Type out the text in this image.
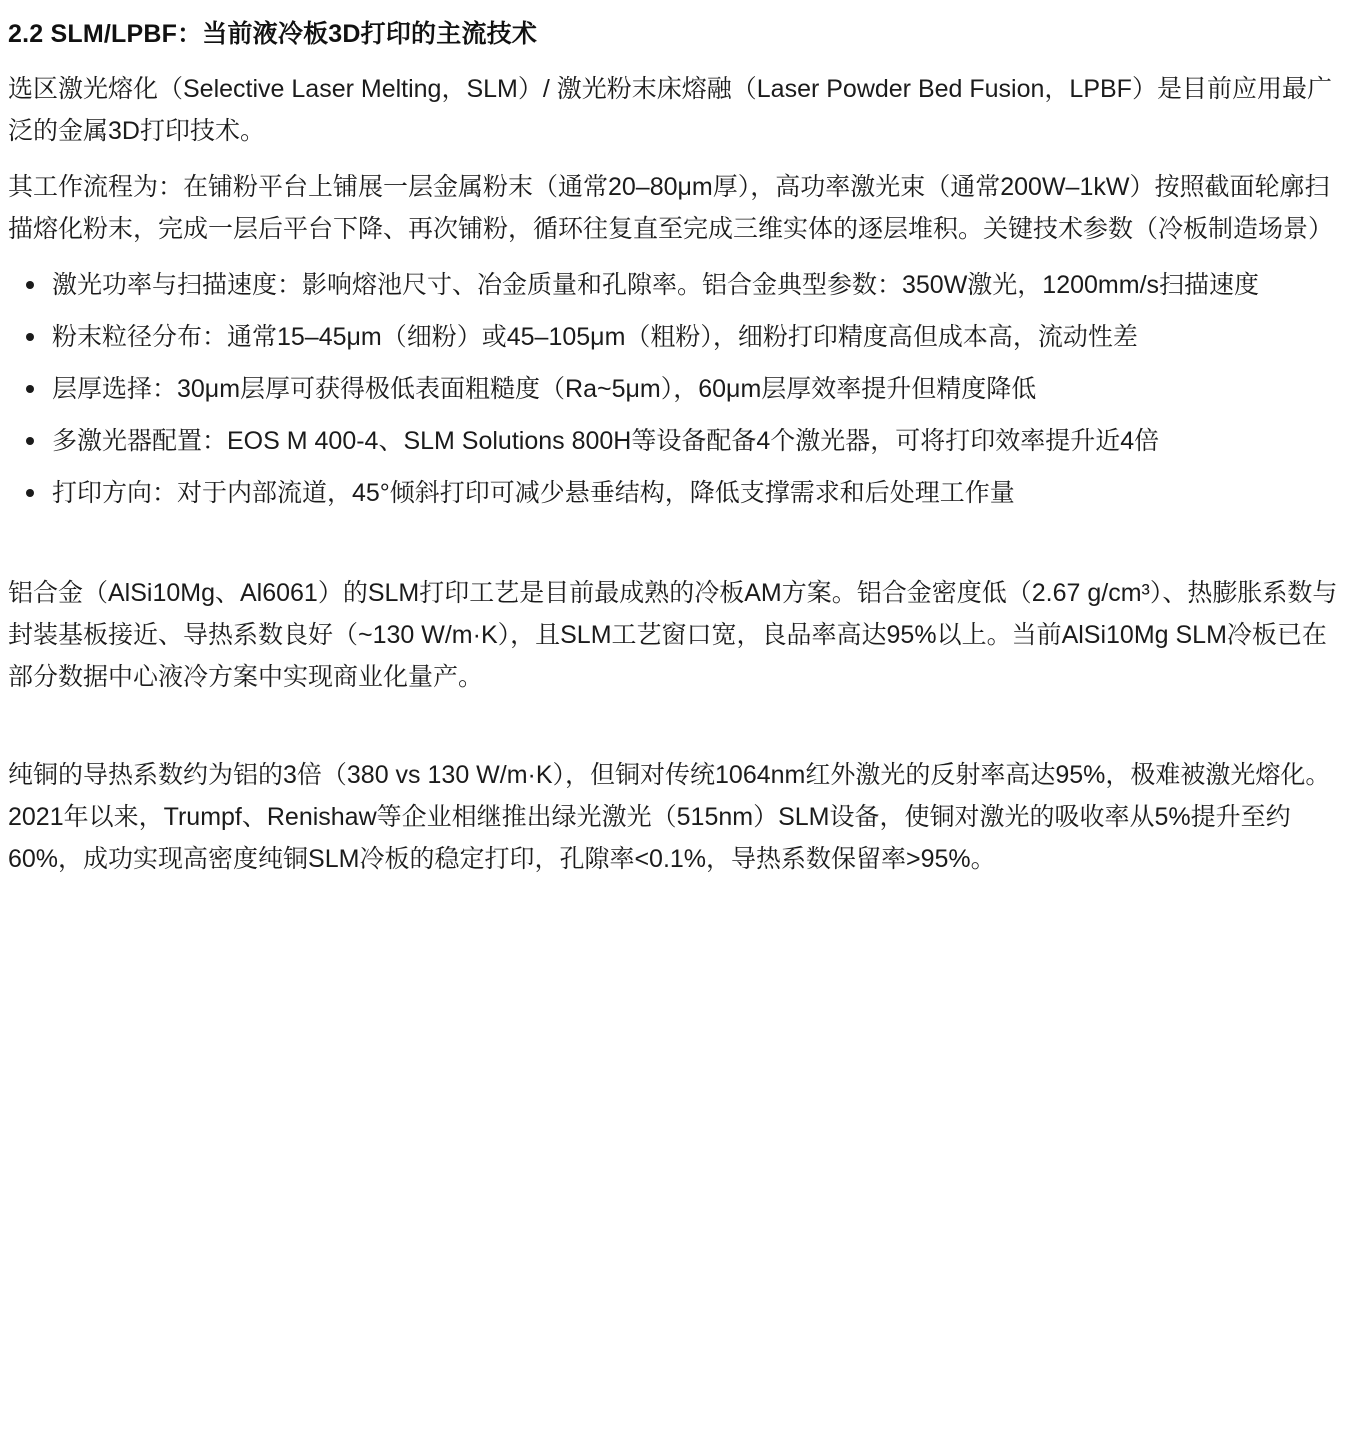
2.2 SLM/LPBF：当前液冷板3D打印的主流技术

选区激光熔化（Selective Laser Melting，SLM）/ 激光粉末床熔融（Laser Powder Bed Fusion，LPBF）是目前应用最广泛的金属3D打印技术。

其工作流程为：在铺粉平台上铺展一层金属粉末（通常20–80μm厚），高功率激光束（通常200W–1kW）按照截面轮廓扫描熔化粉末，完成一层后平台下降、再次铺粉，循环往复直至完成三维实体的逐层堆积。关键技术参数（冷板制造场景）

激光功率与扫描速度：影响熔池尺寸、冶金质量和孔隙率。铝合金典型参数：350W激光，1200mm/s扫描速度
粉末粒径分布：通常15–45μm（细粉）或45–105μm（粗粉），细粉打印精度高但成本高，流动性差
层厚选择：30μm层厚可获得极低表面粗糙度（Ra~5μm），60μm层厚效率提升但精度降低
多激光器配置：EOS M 400-4、SLM Solutions 800H等设备配备4个激光器，可将打印效率提升近4倍
打印方向：对于内部流道，45°倾斜打印可减少悬垂结构，降低支撑需求和后处理工作量

铝合金（AlSi10Mg、Al6061）的SLM打印工艺是目前最成熟的冷板AM方案。铝合金密度低（2.67 g/cm³）、热膨胀系数与封装基板接近、导热系数良好（~130 W/m·K），且SLM工艺窗口宽，良品率高达95%以上。当前AlSi10Mg SLM冷板已在部分数据中心液冷方案中实现商业化量产。

纯铜的导热系数约为铝的3倍（380 vs 130 W/m·K），但铜对传统1064nm红外激光的反射率高达95%，极难被激光熔化。2021年以来，Trumpf、Renishaw等企业相继推出绿光激光（515nm）SLM设备，使铜对激光的吸收率从5%提升至约60%，成功实现高密度纯铜SLM冷板的稳定打印，孔隙率<0.1%，导热系数保留率>95%。
